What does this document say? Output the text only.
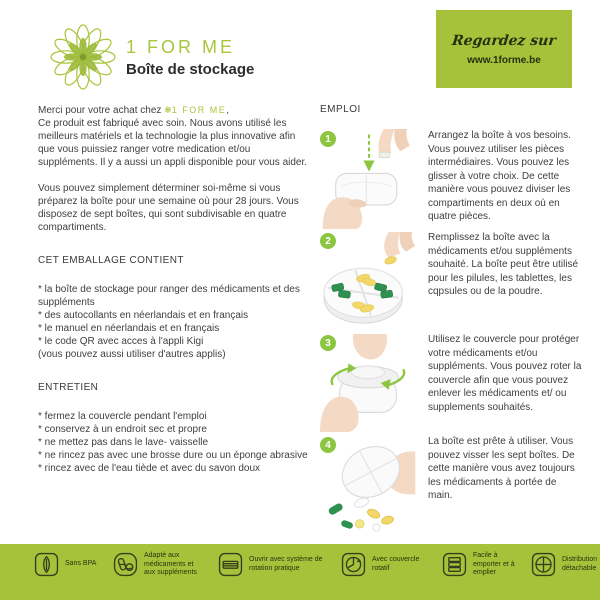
1 FOR ME
Boîte de stockage
Regardez sur
www.1forme.be

Merci pour votre achat chez ❋1 FOR ME,
Ce produit est fabriqué avec soin. Nous avons utilisé les meilleurs matériels et la technologie la plus innovative afin que vous puissiez ranger votre medication et/ou suppléments. Il y a aussi un appli disponible pour vous aider.

Vous pouvez simplement déterminer soi-même si vous préparez la boîte pour une semaine où pour 28 jours. Vous disposez de sept boîtes, qui sont subdivisable en quatre compartiments.

CET EMBALLAGE CONTIENT
* la boîte de stockage pour ranger des médicaments et des suppléments
* des autocollants en néerlandais et en français
* le manuel en néerlandais et en français
* le code QR avec acces à l'appli Kigi
(vous pouvez aussi utiliser d'autres applis)
ENTRETIEN
* fermez la couvercle pendant l'emploi
* conservez à un endroit sec et propre
* ne mettez pas dans le lave- vaisselle
* ne rincez pas avec une brosse dure ou un éponge abrasive
* rincez avec de l'eau tiède et avec du savon doux
EMPLOI
1	Arrangez la boîte à vos besoins. Vous pouvez utiliser les pièces intermédiaires. Vous pouvez les glisser à votre choix. De cette manière vous pouvez diviser les compartiments en deux où en quatre pièces.

2	Remplissez la boîte avec la médicaments et/ou suppléments souhaité. La boîte peut être utilisé pour les pilules, les tablettes, les cqpsules ou de la poudre.

3	Utilisez le couvercle pour protéger votre médicaments et/ou suppléments. Vous pouvez roter la couvercle afin que vous pouvez enlever les médicaments et/ ou supplements souhaités.

4	La boîte est prête à utiliser. Vous pouvez visser les sept boîtes. De cette manière vous avez toujours les médicaments à portée de main.

Sans BPA
Adapté aux médicaments et aux suppléments
Ouvrir avec système de rotation pratique
Avec couvercle rotatif
Facile à emporter et à emplier
Distribution détachable
